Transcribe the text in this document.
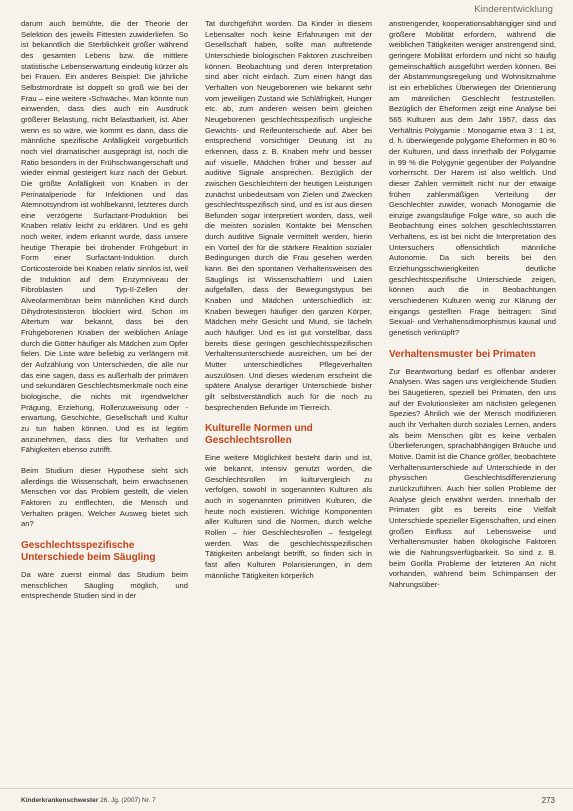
Kinderentwicklung

darum auch bemühte, die der Theorie der Selektion des jeweils Fittesten zuwiderliefen. So ist bekanntlich die Sterblichkeit größer während des gesamten Lebens bzw. die mittlere statistische Lebenserwartung eindeutig kürzer als bei Frauen. Ein anderes Beispiel: Die jährliche Selbstmordrate ist doppelt so groß wie bei der Frau – eine weitere ›Schwäche‹. Man könnte nun einwenden, dass dies auch ein Ausdruck größerer Belastung, nicht Belastbarkeit, ist. Aber wenn es so wäre, wie kommt es dann, dass die männliche spezifische Anfälligkeit vorgeburtlich noch viel dramatischer ausgeprägt ist, noch die Ratio besonders in der Frühschwangerschaft und wieder einmal gesteigert kurz nach der Geburt. Die größte Anfälligkeit von Knaben in der Perinatalperiode für Infektionen und das Atemnotsyndrom ist wohlbekannt, letzteres durch eine verzögerte Surfactant-Produktion bei Knaben relativ leicht zu erklären. Und es geht noch weiter, indem erkannt wurde, dass unsere heutige Therapie bei drohender Frühgeburt in Form einer Surfactant-Induktion durch Corticosteroide bei Knaben relativ sinnlos ist, weil die Induktion auf dem Enzymniveau der Fibroblasten und Typ-II-Zellen der Alveolarmembran beim männlichen Kind durch Dihydrotestosteron blockiert wird. Schon im Altertum war bekannt, dass bei den Frühgeborenen Knaben der weiblichen Anlage durch die Götter häufiger als Mädchen zum Opfer fielen. Die Liste wäre beliebig zu verlängern mit der Aufzählung von Unterschieden, die alle nur das eine sagen, dass es außerhalb der primären und sekundären Geschlechtsmerkmale noch eine biologische, die nichts mit irgendwelcher Prägung, Erziehung, Rollenzuweisung oder -erwartung, Geschichte, Gesellschaft und Kultur zu tun haben können. Und es ist legitim anzunehmen, dass dies für Verhalten und Fähigkeiten ebenso zutrifft.

Beim Studium dieser Hypothese sieht sich allerdings die Wissenschaft, beim erwachsenen Menschen vor das Problem gestellt, die vielen Faktoren zu entflechten, die Mensch und Verhalten prägen. Welcher Ausweg bietet sich an?

Geschlechtsspezifische Unterschiede beim Säugling

Da wäre zuerst einmal das Studium beim menschlichen Säugling möglich, und entsprechende Studien sind in der

Tat durchgeführt worden. Da Kinder in diesem Lebensalter noch keine Erfahrungen mit der Gesellschaft haben, sollte man auftretende Unterschiede biologischen Faktoren zuschreiben können. Beobachtung und deren Interpretation sind aber nicht einfach. Zum einen hängt das Verhalten von Neugeborenen wie bekannt sehr vom jeweiligen Zustand wie Schläfrigkeit, Hunger etc. ab, zum anderen weisen beim gleichen Neugeborenen geschlechtsspezifisch ungleiche Gewichts- und Reifeunterschiede auf. Aber bei entsprechend vorsichtiger Deutung ist zu erkennen, dass z. B. Knaben mehr und besser auf visuelle, Mädchen früher und besser auf auditive Signale ansprechen. Bezüglich der zwischen Geschlechtern der heutigen Leistungen zunächst unbedeutsam von Zielen und Zwecken geschlechtsspezifisch sind, und es ist aus diesen Befunden sogar interpretiert worden, dass, weil die meisten sozialen Kontakte bei Menschen durch auditive Signale vermittelt werden, hierin ein Vorteil der für die stärkere Reaktion sozialer Bedingungen durch die Frau gesehen werden kann. Bei den spontanen Verhaltensweisen des Säuglings ist Wissenschaftlern und Laien aufgefallen, dass der Bewegungstypus bei Knaben und Mädchen unterschiedlich ist: Knaben bewegen häufiger den ganzen Körper, Mädchen mehr Gesicht und Mund, sie lächeln auch häufiger. Und es ist gut vorstellbar, dass bereits diese geringen geschlechtsspezifischen Verhaltensunterschiede ausreichen, um bei der Mutter unterschiedliches Pflegeverhalten auszulösen. Und dieses wiederum erscheint die spätere Analyse derartiger Unterschiede bisher gilt selbstverständlich auch für die noch zu besprechenden Befunde im Tierreich.

Kulturelle Normen und Geschlechtsrollen

Eine weitere Möglichkeit besteht darin und ist, wie bekannt, intensiv genutzt worden, die Geschlechtsrollen im kulturvergleich zu verfolgen, sowohl in sogenannten Kulturen als auch in sogenannten primitiven Kulturen, die heute noch existieren. Wichtige Komponenten aller Kulturen sind die Normen, durch welche Rollen – hier Geschlechtsrollen – festgelegt werden. Was die geschlechtsspezifischen Tätigkeiten anbelangt betrifft, so finden sich in fast allen Kulturen Polarisierungen, in dem männliche Tätigkeiten körperlich

anstrengender, kooperationsabhängiger sind und größere Mobilität erfordern, während die weiblichen Tätigkeiten weniger anstrengend sind, geringere Mobilität erfordern und nicht so häufig gemeinschaftlich ausgeführt werden können. Bei der Abstammungsregelung und Wohnsitznahme ist ein erhebliches Überwiegen der Orientierung am männlichen Geschlecht festzustellen. Bezüglich der Eheformen zeigt eine Analyse bei 565 Kulturen aus dem Jahr 1957, dass das Verhältnis Polygamie : Monogamie etwa 3 : 1 ist, d. h. überwiegende polygame Eheformen in 80 % der Kulturen, und dass innerhalb der Polygamie in 99 % die Polygynie gegenüber der Polyandrie vorherrscht. Der Harem ist also weltlich. Und dieser Zahlen vermittelt nicht nur der etwaige frühen zahlenmäßigen Verteilung der Geschlechter zuwider, wonach Monogamie die einzige zwangsläufige Folge wäre, so auch die Beobachtung eines solchen geschlechtsstarren Verhaltens, es ist bei nicht die Interpretation des Untersuchers offensichtlich männliche Autonomie. Da sich bereits bei den Erziehungsschwierigkeiten deutliche geschlechtsspezifische Unterschiede zeigen, können auch die in Beobachtungen verschiedenen Kulturen wenig zur Klärung der eingangs gestellten Frage beitragen: Sind Sexual- und Verhaltensdimorphismus kausal und genetisch verknüpft?

Verhaltensmuster bei Primaten

Zur Beantwortung bedarf es offenbar anderer Analysen. Was sagen uns vergleichende Studien bei Säugetieren, speziell bei Primaten, den uns auf der Evolutionsleiter am nächsten gelegenen Spezies? Ähnlich wie der Mensch modifizieren auch ihr Verhalten durch soziales Lernen, anders als beim Menschen gibt es keine verbalen Überlieferungen, sprachabhängigen Bräuche und Motive. Damit ist die Chance größer, beobachtete Verhaltensunterschiede auf Unterschiede in der physischen Geschlechtsdifferenzierung zurückzuführen. Auch hier sollen Probleme der Analyse gleich erwähnt werden. Innerhalb der Primaten gibt es bereits eine Vielfalt Unterschiede spezieller Eigenschaften, und einen großen Einfluss auf Lebensweise und Verhaltensmuster haben ökologische Faktoren wie die Nahrungsverfügbarkeit. So sind z. B. beim Gorilla Probleme der letzteren Art nicht vorhanden, während beim Schimpansen der Nahrungsüber-

Kinderkrankenschwester 26. Jg. (2007) Nr. 7	273
